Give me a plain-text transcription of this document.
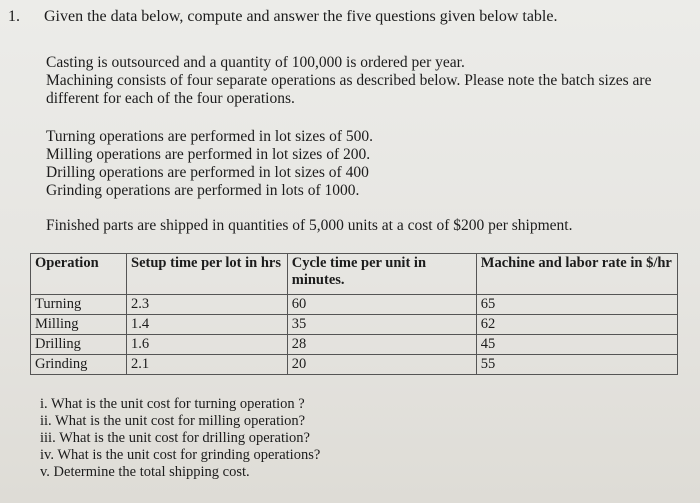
1. Given the data below, compute and answer the five questions given below table.
Casting is outsourced and a quantity of 100,000 is ordered per year.
Machining consists of four separate operations as described below. Please note the batch sizes are
different for each of the four operations.
Turning operations are performed in lot sizes of 500.
Milling operations are performed in lot sizes of 200.
Drilling operations are performed in lot sizes of 400
Grinding operations are performed in lots of 1000.
Finished parts are shipped in quantities of 5,000 units at a cost of $200 per shipment.
Operation	Setup time per lot in hrs	Cycle time per unit in minutes.	Machine and labor rate in $/hr
Turning	2.3	60	65
Milling	1.4	35	62
Drilling	1.6	28	45
Grinding	2.1	20	55
i. What is the unit cost for turning operation ?
ii. What is the unit cost for milling operation?
iii. What is the unit cost for drilling operation?
iv. What is the unit cost for grinding operations?
v. Determine the total shipping cost.
